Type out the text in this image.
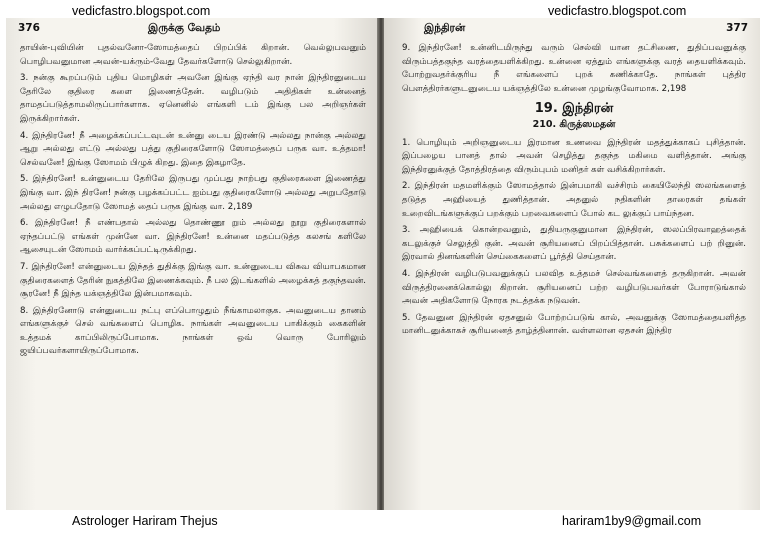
vedicfastro.blogspot.com	vedicfastro.blogspot.com
376	இருக்கு வேதம்

தாயின்-புவியின் புதல்வனோ-ஸோமத்தைப் பிறப்பிக் கிறான். வெல்லுபவனும் பொழிபவனுமான அவன்-யக்ரும்-வேது தேவர்களோடு செல்லுகிறான்.

3. நன்கு கூறப்படும் புதிய மொழிகள் அவனே இங்கு ஏந்தி வர நான் இந்திரனுடைய தேரிலே குதிரை களை இணைத்தேன். வழிபடும் அதிதிகள் உன்னைத் தாமதப்படுத்தாமலிருப்பார்களாக. ஏனெனில் எங்களி டம் இங்கு பல அறிஞர்கள் இருக்கிறார்கள்.

4. இந்திரனே! நீ அழைக்கப்பட்டவுடன் உன்னு டைய இரண்டு அல்லது நான்கு அல்லது ஆறு அல்லது எட்டு அல்லது பத்து குதிரைகளோடு ஸோமத்தைப் பருக வா. உத்தமா! செல்வனே! இங்கு ஸோமம் பிழுக் கிறது. இதை இகழாதே.

5. இந்திரனே! உன்னுடைய தேரிலே இருபது முப்பது நாற்பது குதிரைகளை இணைத்து இங்கு வா. இந் திரனே! நன்கு பழக்கப்பட்ட ஐம்பது குதிரைகளோடு அல்லது அறுபதோடு அல்லது எழுபதோடு ஸோமத் தைப் பருக இங்கு வா. 2,189

6. இந்திரனே! நீ எண்பதால் அல்லது தொண்ணூ றும் அல்லது நூறு குதிரைகளால் ஏந்தப்பட்டு எங்கள் முன்னே வா. இந்திரனே! உன்னை மதப்படுத்த கலசங் களிலே ஆசையுடன் ஸோமம் வார்க்கப்பட்டிருக்கிறது.

7. இந்திரனே! என்னுடைய இந்தத் துதிக்கு இங்கு வா. உன்னுடைய விசுவ வியாபகமான குதிரைகளைத் தேரின் நுகத்திலே இணைக்கவும். நீ பல இடங்களில் அழைக்கத் தகுந்தவன். சூரனே! நீ இந்த யக்ஞத்திலே இன்பமாகவும்.

8. இந்திரனோடு என்னுடைய நட்பு எப்பொழுதும் நீங்காமலாகுக. அவனுடைய தானம் எங்களுக்குச் செல் வங்களைப் பொழிக. நாங்கள் அவனுடைய பாகிக்கும் கைகளின் உத்தமக் காப்பிலிருப்போமாக. நாங்கள் ஒவ் வொரு போரிலும் ஜயிப்பவர்களாயிருப்போமாக.

இந்திரன்	377

9. இந்திரனே! உன்னிடமிருந்து வரும் செல்வி யான தட்சிணை, துதிப்பவனுக்கு விரும்பத்தகுந்த வரத்தையளிக்கிறது. உன்னை ஏத்தும் எங்களுக்கு வரத் தையளிக்கவும். போற்றுவதர்க்குரிய நீ எங்களைப் புறக் கணிக்காதே. நாங்கள் புத்திர பௌத்திரர்களுடனுடைய யக்ஞத்திலே உன்னை முழங்குவோமாக. 2,198

19. இந்திரன்
210. கிருத்ஸமதன்

1. பொழியும் அறிஞனுடைய இரமான உணவை இந்திரன் மதத்துக்காகப் புசித்தான். இப்பழைய பானத் தால் அவன் செழித்து தகுந்த மகிமை வளித்தான். அங்கு இந்திரனுக்குத் தோத்திரத்தை விரும்புபம் மனிதர் கள் வசிக்கிறார்கள்.

2. இந்திரன் மதமளிக்கும் ஸோமத்தால் இன்பமாகி வச்சிரம் கையிலேந்தி ஸலங்களைத் தடுத்த அஹியைத் துணித்தான். அதனுல் நதிகளின் தாரைகள் தங்கள் உறைவிடங்களுக்குப் பறக்கும் பறவைகளைப் போல் கட லுக்குப் பாய்ந்தன.

3. அஹியைக் கொன்றவனும், துதியருகுனுமான இந்திரன், ஸலப்பிரவாஹத்தைக் கடலுக்குச் செலுத்தி குன். அவன் சூரியனைப் பிறப்பித்தான். பசுக்களைப் பற் றினுன். இரவால் தினங்களின் செய்கைகளைப் பூர்த்தி செய்தான்.

4. இந்திரன் வழிபடுபவனுக்குப் பலவித உத்தமச் செல்வங்களைத் தருகிறான். அவன் விருத்திரனைக்கொல்லு கிறான். சூரியனைப் பற்ற வழிபடுபவர்கள் போராடுங்கால் அவன் அதிகளோடு நோரக நடத்தக்க நடுவன்.

5. தேவனுன இந்திரன் ஏதசனுல் போற்றப்படுங் கால், அவனுக்கு ஸோமத்தையளித்த மானிடனுக்காகச் சூரியனைத் தாழ்த்தினான். வள்ளலான ஏதசன் இந்திர

Astrologer Hariram Thejus	hariram1by9@gmail.com
